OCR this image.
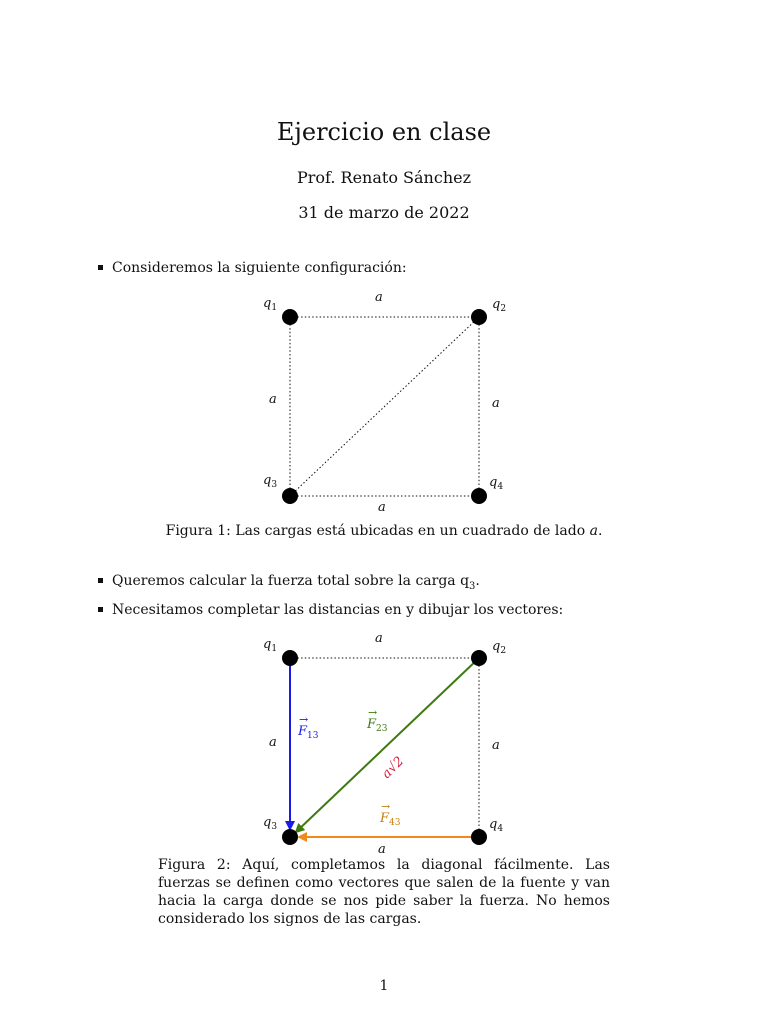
Ejercicio en clase
Prof. Renato Sánchez
31 de marzo de 2022
Consideremos la siguiente configuración:
$q_1$	$q_2$
$q_3$	$q_4$
a
a	a
a
Figura 1: Las cargas está ubicadas en un cuadrado de lado a.
Queremos calcular la fuerza total sobre la carga $q_3$.
Necesitamos completar las distancias en y dibujar los vectores:
$q_1$	$q_2$
$q_3$	$q_4$
a
a	a
a
$F_{13}$
→	$F_{23}$
→
$F_{43}$
→
a√2
Figura 2: Aquí, completamos la diagonal fácilmente. Las fuerzas se definen como vectores que salen de la fuente y van hacia la carga donde se nos pide saber la fuerza. No hemos considerado los signos de las cargas.
1
